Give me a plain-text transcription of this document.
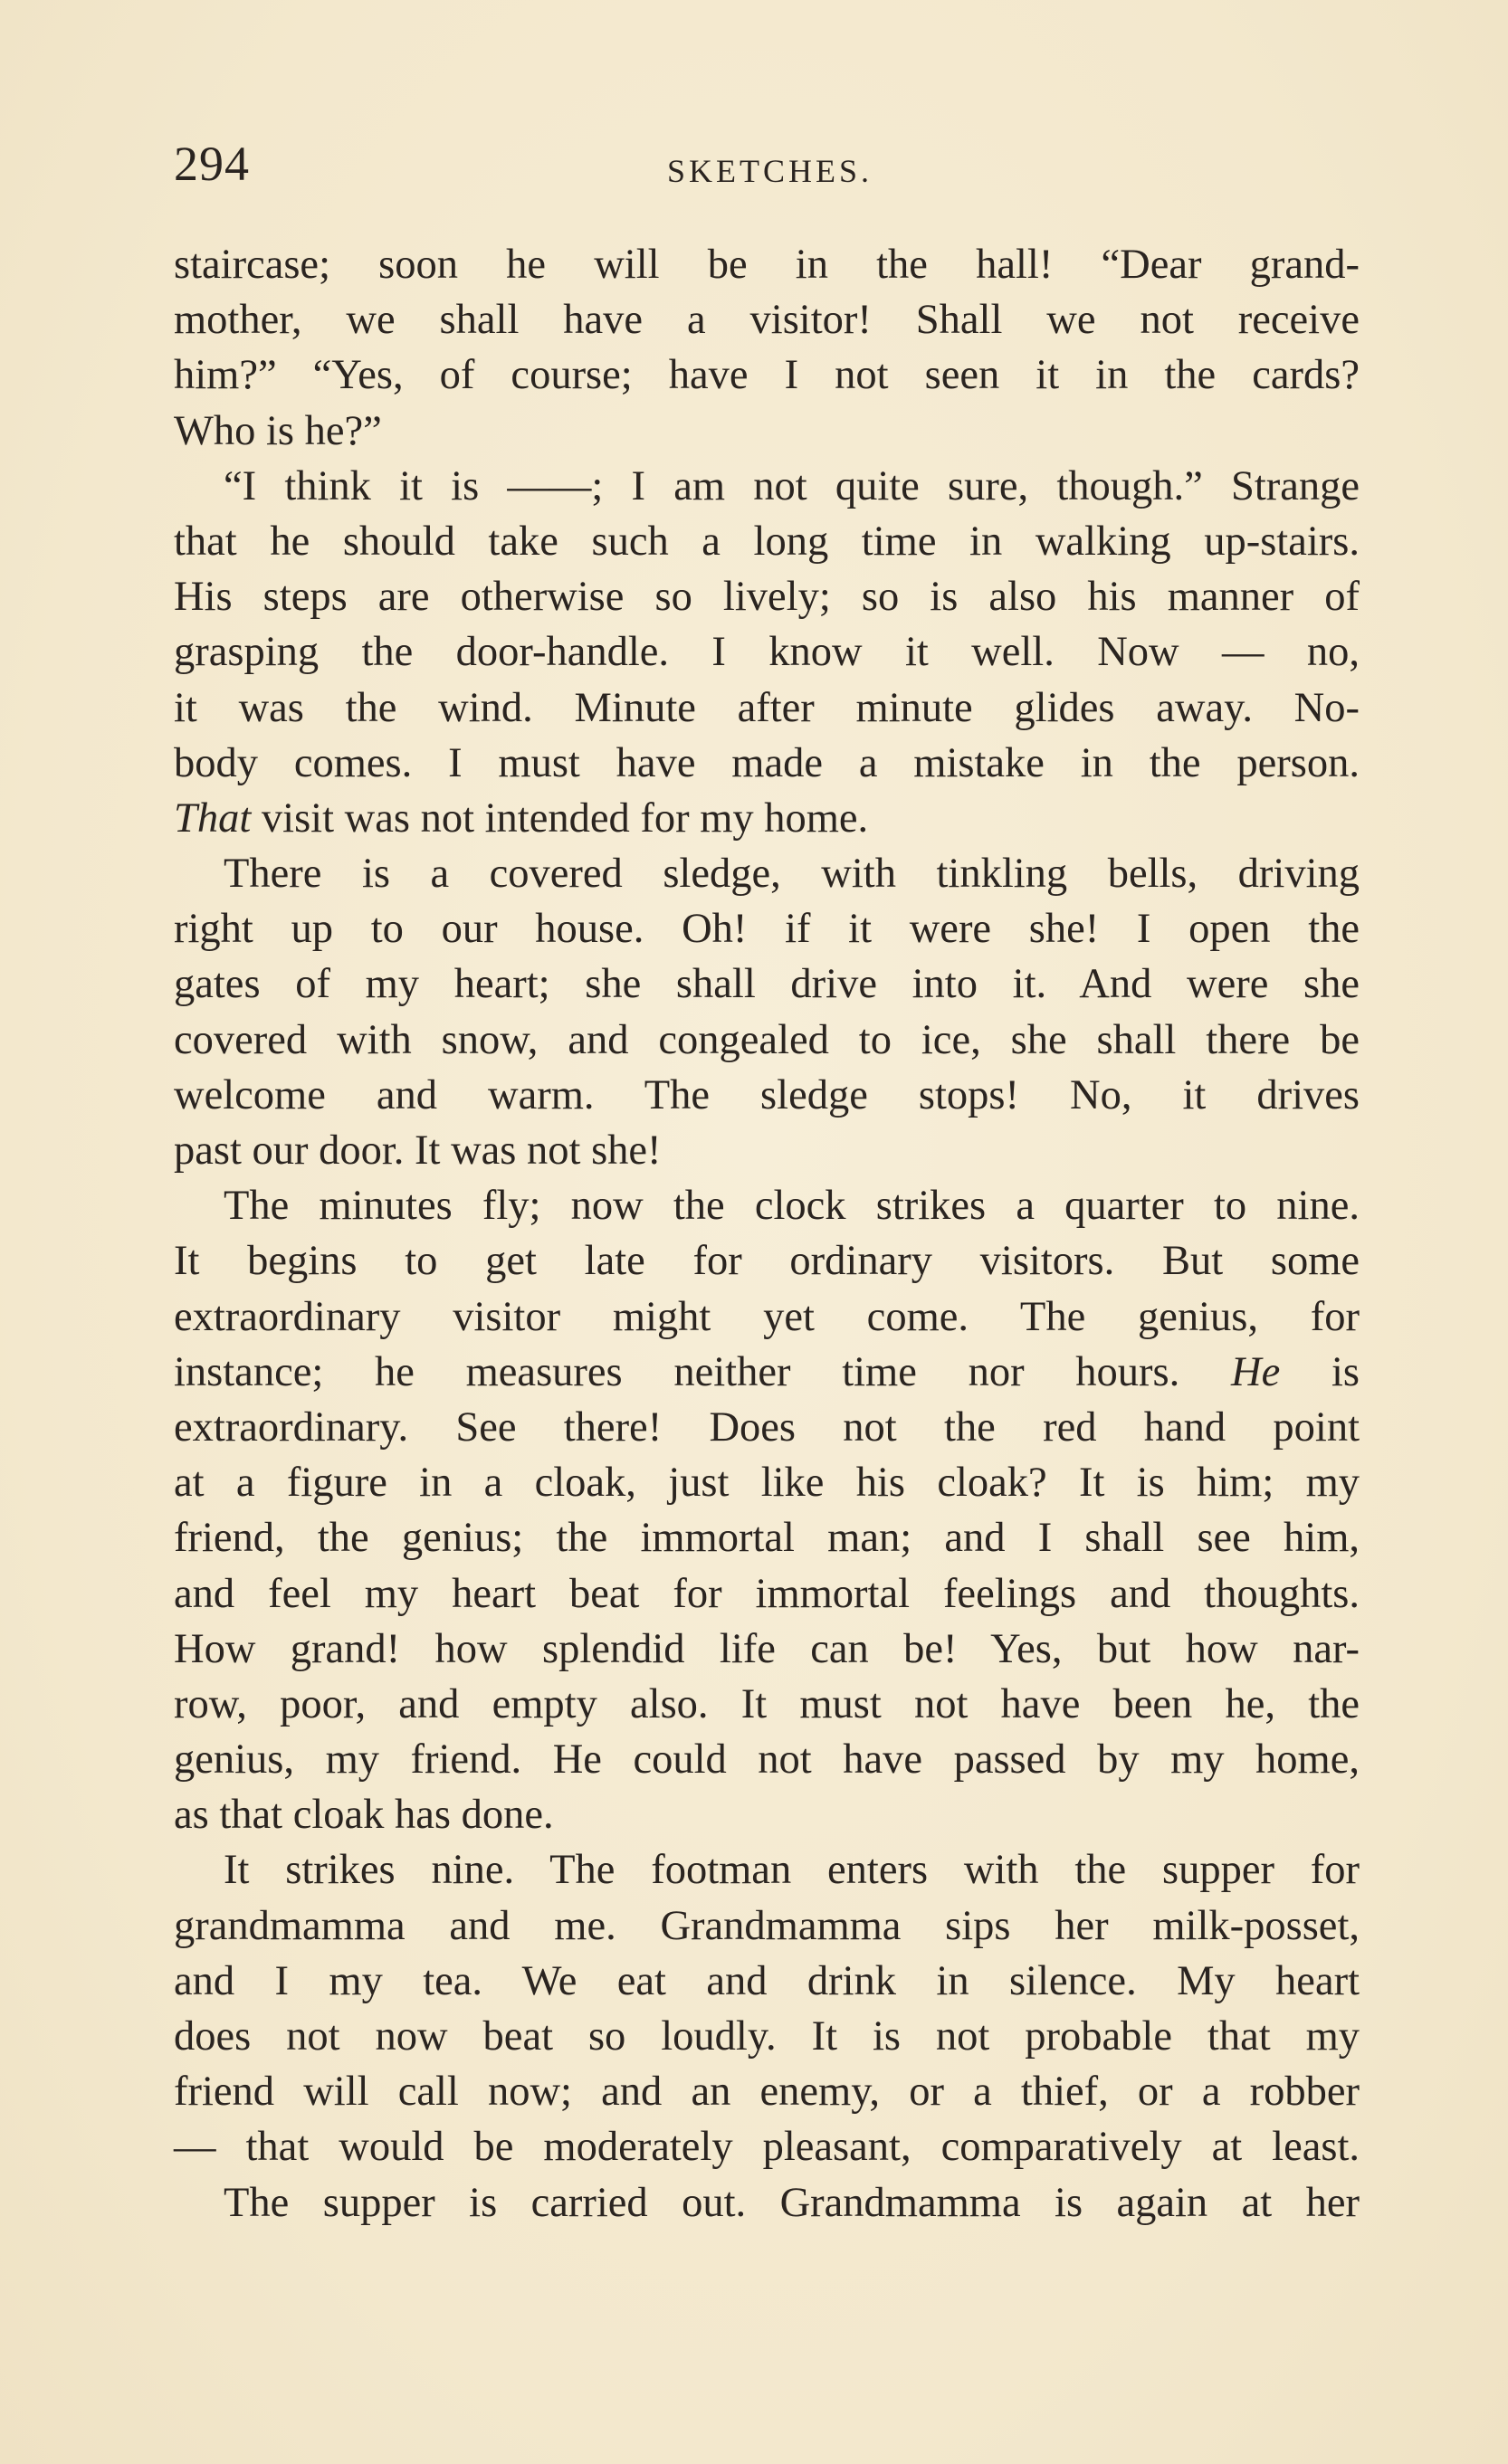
294	SKETCHES.
staircase; soon he will be in the hall! “Dear grand-
mother, we shall have a visitor! Shall we not receive
him?” “Yes, of course; have I not seen it in the cards?
Who is he?”
“I think it is ——; I am not quite sure, though.” Strange
that he should take such a long time in walking up-stairs.
His steps are otherwise so lively; so is also his manner of
grasping the door-handle. I know it well. Now — no,
it was the wind. Minute after minute glides away. No-
body comes. I must have made a mistake in the person.
That visit was not intended for my home.
There is a covered sledge, with tinkling bells, driving
right up to our house. Oh! if it were she! I open the
gates of my heart; she shall drive into it. And were she
covered with snow, and congealed to ice, she shall there be
welcome and warm. The sledge stops! No, it drives
past our door. It was not she!
The minutes fly; now the clock strikes a quarter to nine.
It begins to get late for ordinary visitors. But some
extraordinary visitor might yet come. The genius, for
instance; he measures neither time nor hours. He is
extraordinary. See there! Does not the red hand point
at a figure in a cloak, just like his cloak? It is him; my
friend, the genius; the immortal man; and I shall see him,
and feel my heart beat for immortal feelings and thoughts.
How grand! how splendid life can be! Yes, but how nar-
row, poor, and empty also. It must not have been he, the
genius, my friend. He could not have passed by my home,
as that cloak has done.
It strikes nine. The footman enters with the supper for
grandmamma and me. Grandmamma sips her milk-posset,
and I my tea. We eat and drink in silence. My heart
does not now beat so loudly. It is not probable that my
friend will call now; and an enemy, or a thief, or a robber
— that would be moderately pleasant, comparatively at least.
The supper is carried out. Grandmamma is again at her
